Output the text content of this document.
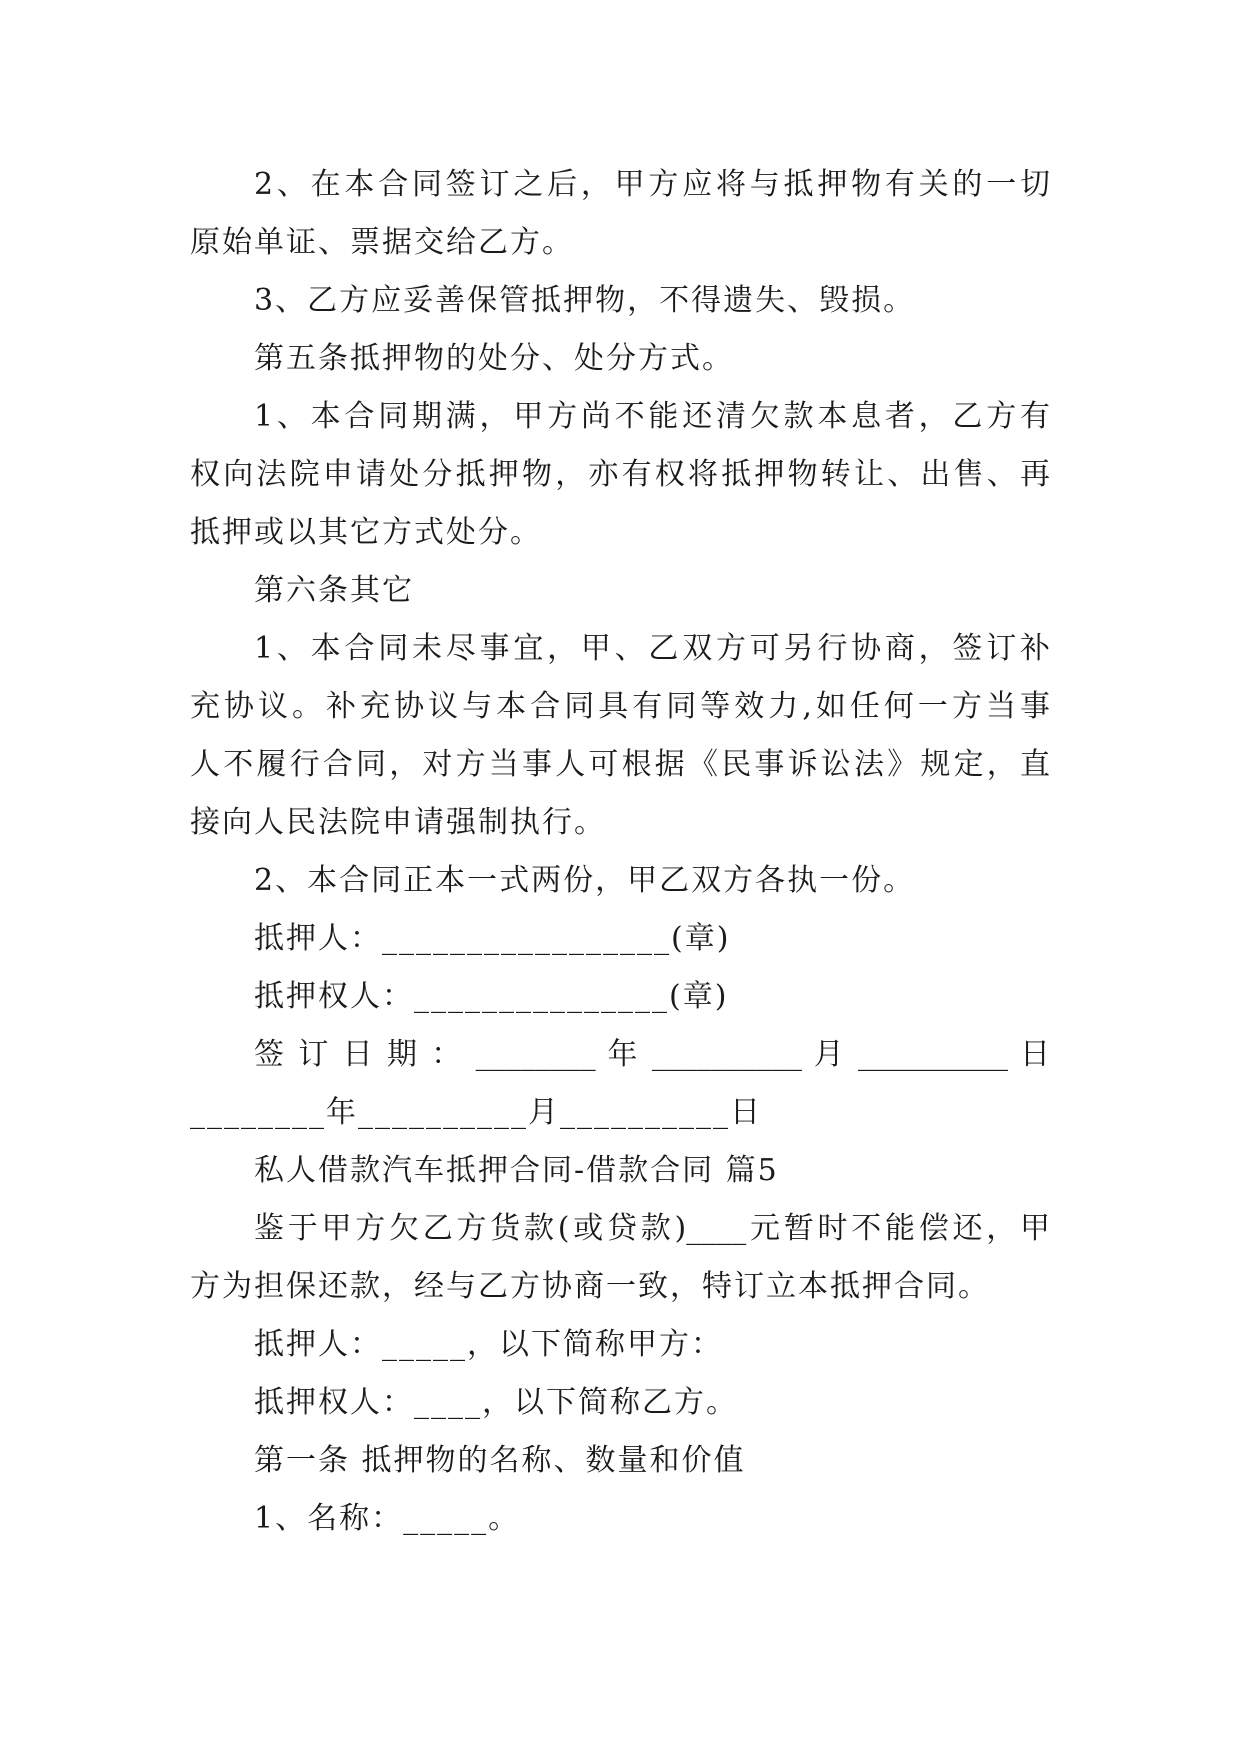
2、在本合同签订之后，甲方应将与抵押物有关的一切
原始单证、票据交给乙方。
3、乙方应妥善保管抵押物，不得遗失、毁损。
第五条抵押物的处分、处分方式。
1、本合同期满，甲方尚不能还清欠款本息者，乙方有
权向法院申请处分抵押物，亦有权将抵押物转让、出售、再
抵押或以其它方式处分。
第六条其它
1、本合同未尽事宜，甲、乙双方可另行协商，签订补
充协议。补充协议与本合同具有同等效力,如任何一方当事
人不履行合同，对方当事人可根据《民事诉讼法》规定，直
接向人民法院申请强制执行。
2、本合同正本一式两份，甲乙双方各执一份。
抵押人：_________________(章)
抵押权人：_______________(章)
签 订 日 期 ： ________ 年 __________ 月 __________ 日
________年__________月__________日
私人借款汽车抵押合同-借款合同 篇5
鉴于甲方欠乙方货款(或贷款)____元暂时不能偿还，甲
方为担保还款，经与乙方协商一致，特订立本抵押合同。
抵押人：_____，以下简称甲方：
抵押权人：____，以下简称乙方。
第一条 抵押物的名称、数量和价值
1、名称：_____。
